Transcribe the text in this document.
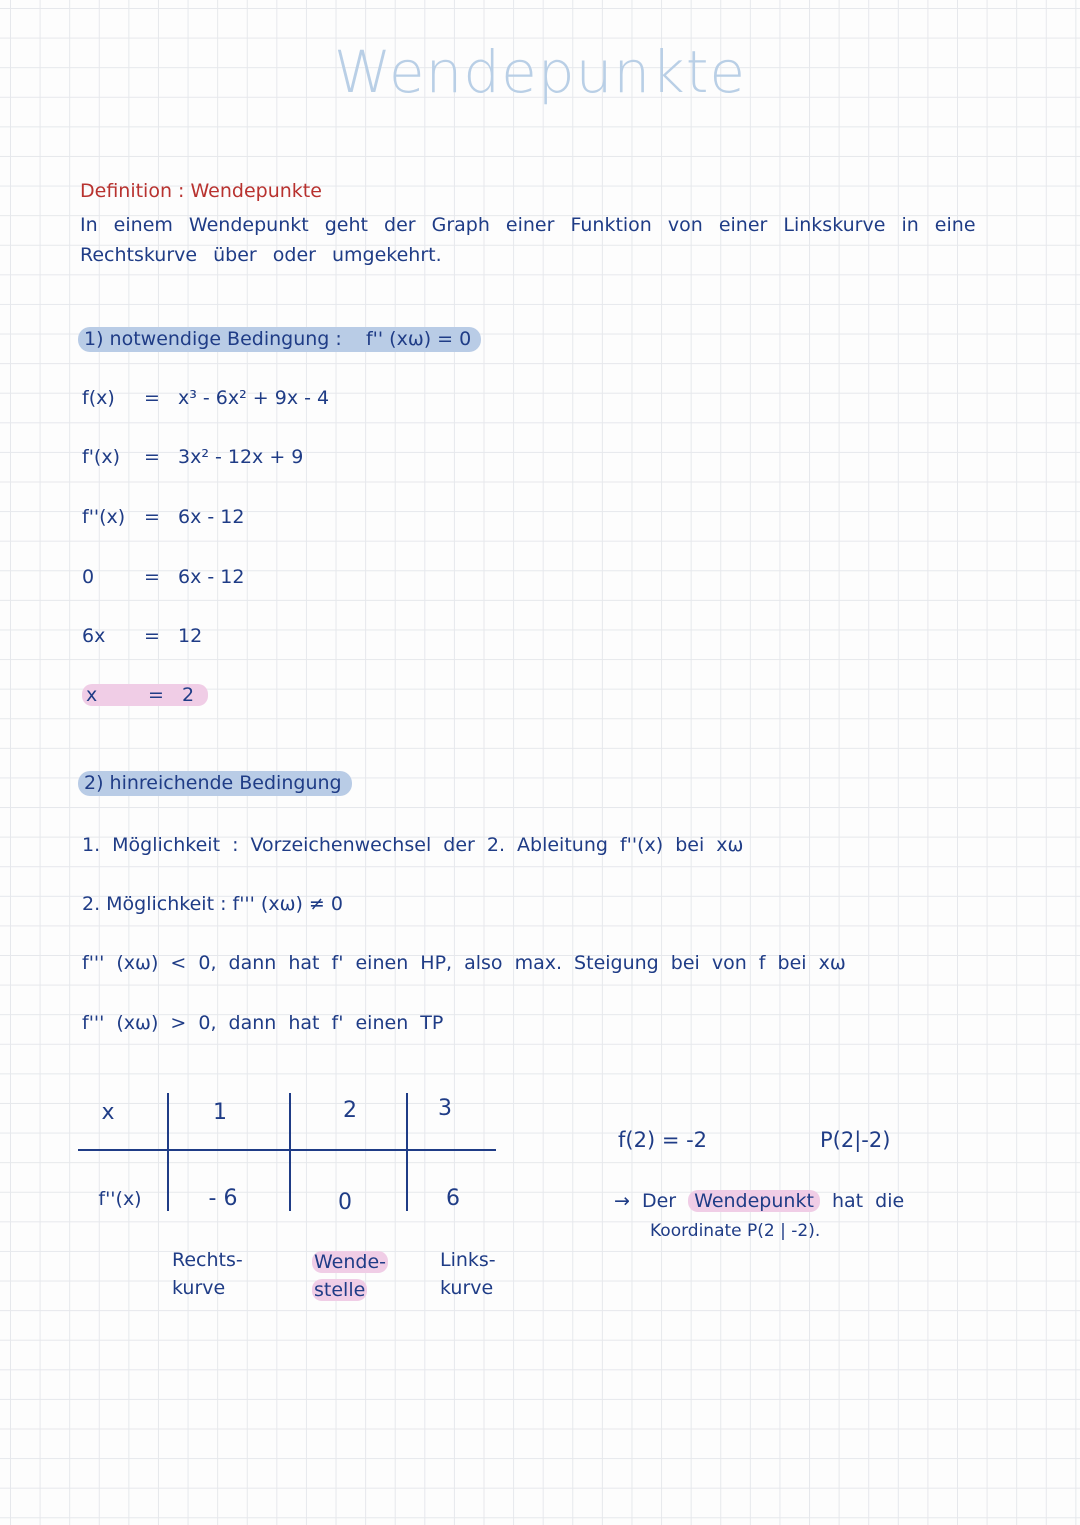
Wendepunkte
Definition : Wendepunkte
In einem Wendepunkt geht der Graph einer Funktion von einer Linkskurve in eine
Rechtskurve über oder umgekehrt.
1) notwendige Bedingung : f'' (xω) = 0
f(x) = x³ - 6x² + 9x - 4
f'(x) = 3x² - 12x + 9
f''(x) = 6x - 12
0	= 6x - 12
6x = 12
x	= 2
2) hinreichende Bedingung
1. Möglichkeit : Vorzeichenwechsel der 2. Ableitung f''(x) bei xω
2. Möglichkeit : f''' (xω) ≠ 0
f''' (xω) < 0, dann hat f' einen HP, also max. Steigung bei von f bei xω
f''' (xω) > 0, dann hat f' einen TP
x	1	2	3
f''(x)	- 6	0	6
Rechts-
kurve
Wende-
stelle
Links-
kurve
f(2) = -2	P(2|-2)
→ Der Wendepunkt hat die
Koordinate P(2 | -2).
